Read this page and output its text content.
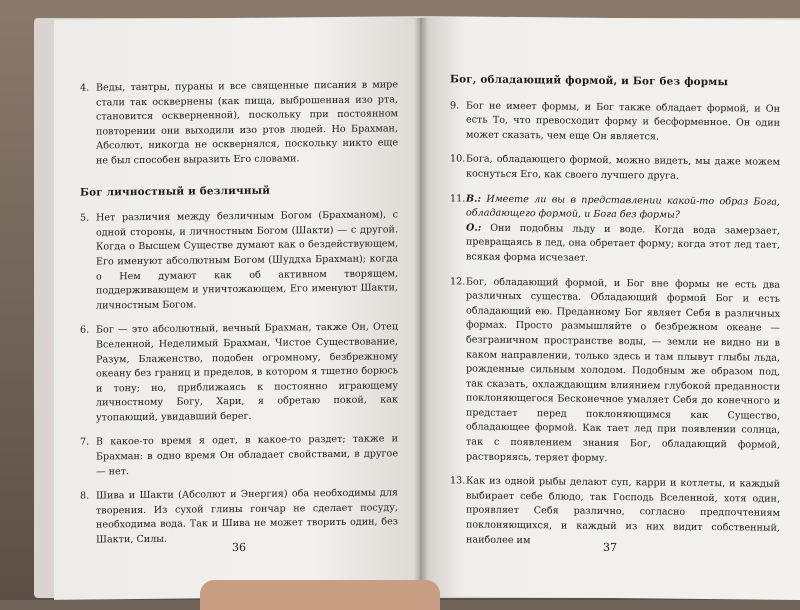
4. Веды, тантры, пураны и все священные писания в мире стали так осквернены (как пища, выброшенная изо рта, становится оскверненной), поскольку при постоянном повторении они выходили изо ртов людей. Но Брахман, Абсолют, никогда не осквернялся, поскольку никто еще не был способен выразить Его словами.

Бог личностный и безличный
5. Нет различия между безличным Богом (Брахманом), с одной стороны, и личностным Богом (Шакти) — с другой. Когда о Высшем Существе думают как о бездействующем, Его именуют абсолютным Богом (Шуддха Брахман); когда о Нем думают как об активном творящем, поддерживающем и уничтожающем, Его именуют Шакти, личностным Богом.

6. Бог — это абсолютный, вечный Брахман, также Он, Отец Вселенной, Неделимый Брахман, Чистое Существование, Разум, Блаженство, подобен огромному, безбрежному океану без границ и пределов, в котором я тщетно борюсь и тону; но, приближаясь к постоянно играющему личностному Богу, Хари, я обретаю покой, как утопающий, увидавший берег.

7. В какое-то время я одет, в какое-то раздет; также и Брахман: в одно время Он обладает свойствами, в другое — нет.

8. Шива и Шакти (Абсолют и Энергия) оба необходимы для творения. Из сухой глины гончар не сделает посуду, необходима вода. Так и Шива не может творить один, без Шакти, Силы.

36
Бог, обладающий формой, и Бог без формы
9. Бог не имеет формы, и Бог также обладает формой, и Он есть То, что превосходит форму и бесформенное. Он один может сказать, чем еще Он является.

10. Бога, обладающего формой, можно видеть, мы даже можем коснуться Его, как своего лучшего друга.

11. В.: Имеете ли вы в представлении какой-то образ Бога, обладающего формой, и Бога без формы?
О.: Они подобны льду и воде. Когда вода замерзает, превращаясь в лед, она обретает форму; когда этот лед тает, всякая форма исчезает.

12. Бог, обладающий формой, и Бог вне формы не есть два различных существа. Обладающий формой Бог и есть обладающий ею. Преданному Бог являет Себя в различных формах. Просто размышляйте о безбрежном океане — безграничном пространстве воды, — земли не видно ни в каком направлении, только здесь и там плывут глыбы льда, рожденные сильным холодом. Подобным же образом под, так сказать, охлаждающим влиянием глубокой преданности поклоняющегося Бесконечное умаляет Себя до конечного и предстает перед поклоняющимся как Существо, обладающее формой. Как тает лед при появлении солнца, так с появлением знания Бог, обладающий формой, растворяясь, теряет форму.

13. Как из одной рыбы делают суп, карри и котлеты, и каждый выбирает себе блюдо, так Господь Вселенной, хотя один, проявляет Себя различно, согласно предпочтениям поклоняющихся, и каждый из них видит собственный, наиболее им

37
